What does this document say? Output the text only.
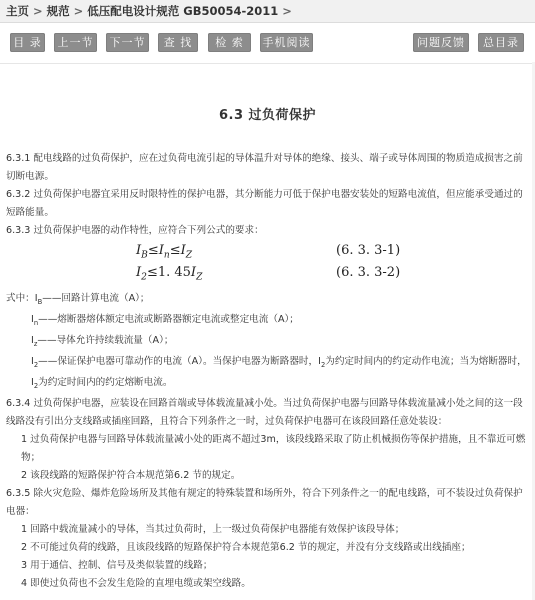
主页 > 规范 > 低压配电设计规范 GB50054-2011 >
目 录	上一节	下一节	查 找	检 索	手机阅读	问题反馈	总目录
6.3 过负荷保护

6.3.1 配电线路的过负荷保护，应在过负荷电流引起的导体温升对导体的绝缘、接头、端子或导体周围的物质造成损害之前切断电源。

6.3.2 过负荷保护电器宜采用反时限特性的保护电器，其分断能力可低于保护电器安装处的短路电流值，但应能承受通过的短路能量。

6.3.3 过负荷保护电器的动作特性，应符合下列公式的要求：

$I_B\le I_n\le I_Z$	(6. 3. 3-1)
$I_2\le 1$. $45I_Z$	(6. 3. 3-2)

式中：$I_B——$回路计算电流（A）；

$I_n——$熔断器熔体额定电流或断路器额定电流或整定电流（A）；

$I_z——$导体允许持续载流量（A）；

$I_2——$保证保护电器可靠动作的电流（A）。当保护电器为断路器时，$I_2$为约定时间内的约定动作电流；当为熔断器时，$I_2$为约定时间内的约定熔断电流。

6.3.4 过负荷保护电器，应装设在回路首端或导体载流量减小处。当过负荷保护电器与回路导体载流量减小处之间的这一段线路没有引出分支线路或插座回路，且符合下列条件之一时，过负荷保护电器可在该段回路任意处装设：

1 过负荷保护电器与回路导体载流量减小处的距离不超过3m，该段线路采取了防止机械损伤等保护措施，且不靠近可燃物；

2 该段线路的短路保护符合本规范第6.2 节的规定。

6.3.5 除火灾危险、爆炸危险场所及其他有规定的特殊装置和场所外，符合下列条件之一的配电线路，可不装设过负荷保护电器：

1 回路中载流量减小的导体，当其过负荷时，上一级过负荷保护电器能有效保护该段导体；

2 不可能过负荷的线路，且该段线路的短路保护符合本规范第6.2 节的规定，并没有分支线路或出线插座；

3 用于通信、控制、信号及类似装置的线路；

4 即使过负荷也不会发生危险的直埋电缆或架空线路。
